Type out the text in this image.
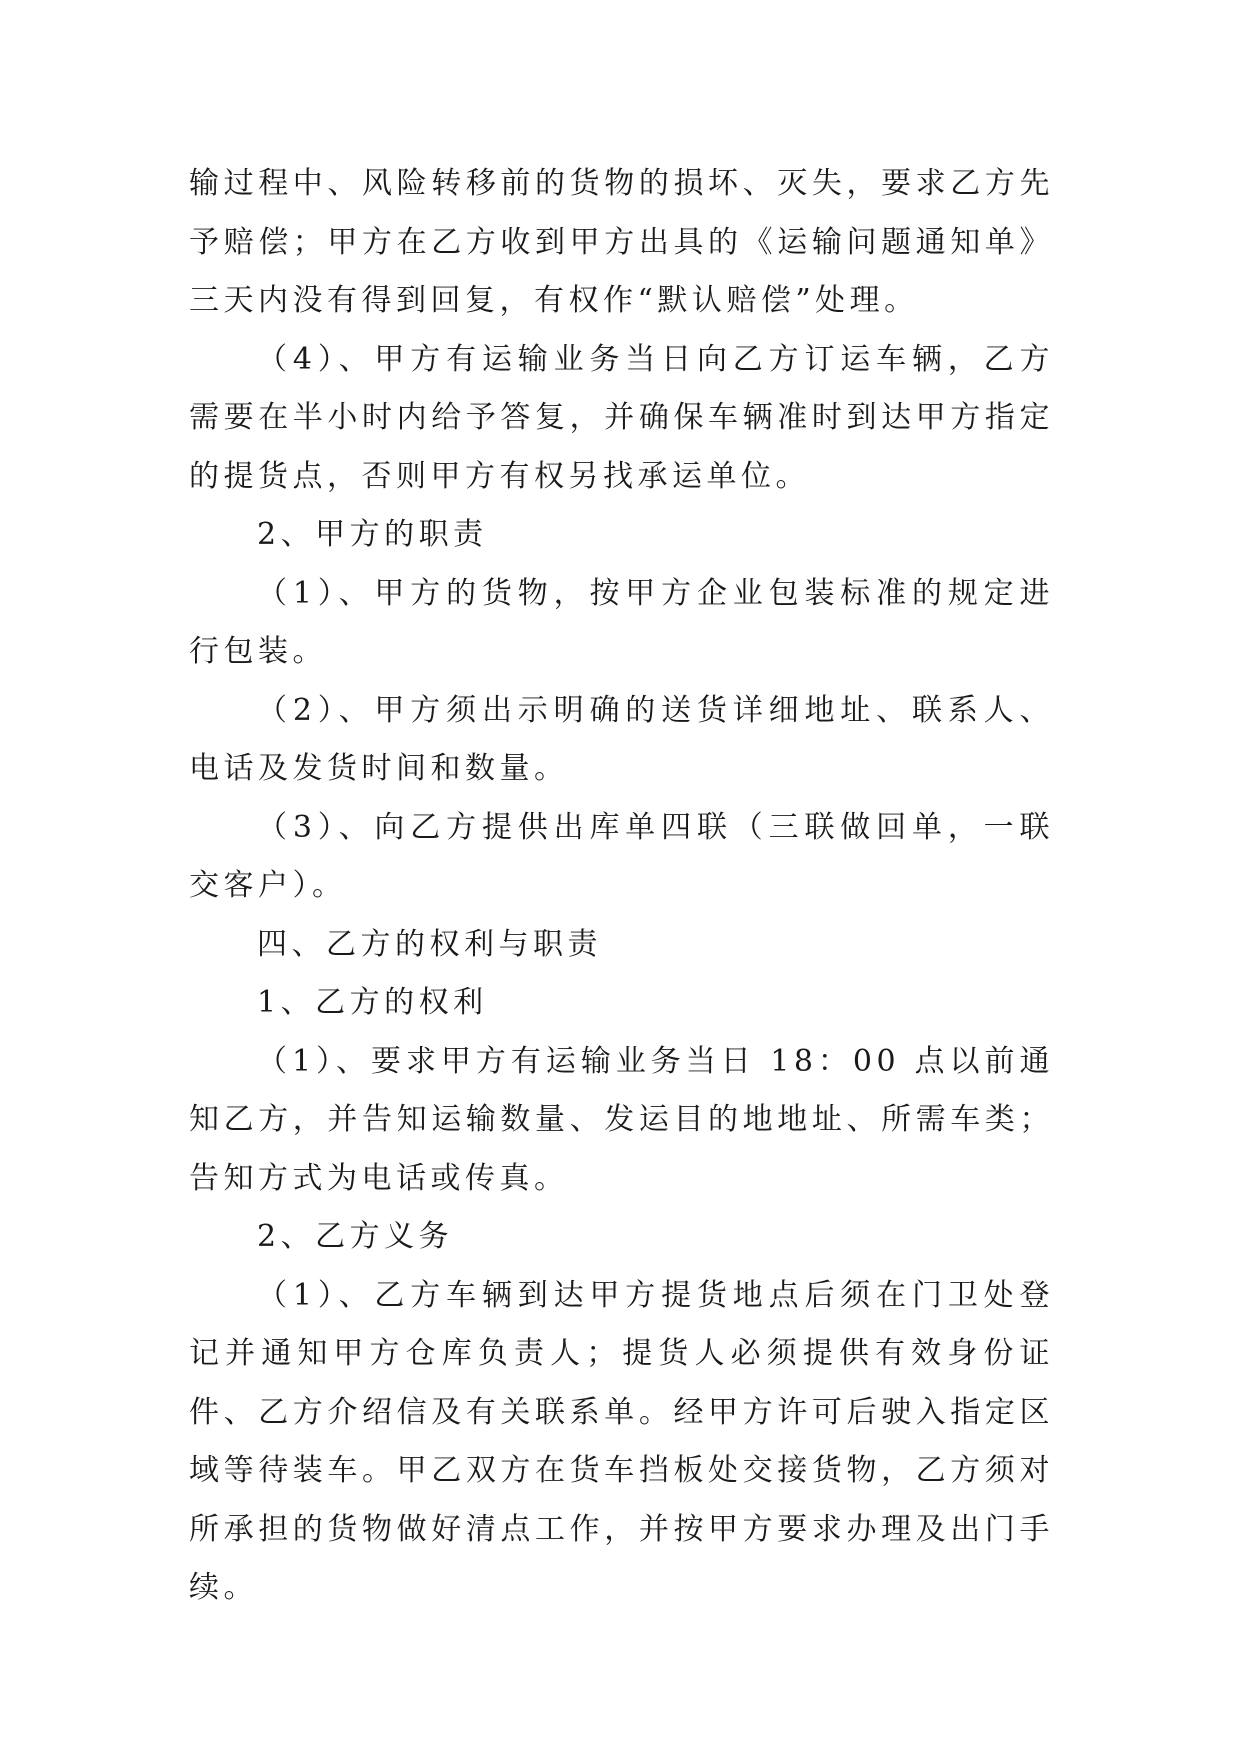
输过程中、风险转移前的货物的损坏、灭失，要求乙方先予赔偿；甲方在乙方收到甲方出具的《运输问题通知单》三天内没有得到回复，有权作“默认赔偿”处理。

（4）、甲方有运输业务当日向乙方订运车辆，乙方需要在半小时内给予答复，并确保车辆准时到达甲方指定的提货点，否则甲方有权另找承运单位。

2、甲方的职责

（1）、甲方的货物，按甲方企业包装标准的规定进行包装。

（2）、甲方须出示明确的送货详细地址、联系人、电话及发货时间和数量。

（3）、向乙方提供出库单四联（三联做回单，一联交客户）。

四、乙方的权利与职责

1、乙方的权利

（1）、要求甲方有运输业务当日 18：00 点以前通知乙方，并告知运输数量、发运目的地地址、所需车类；告知方式为电话或传真。

2、乙方义务

（1）、乙方车辆到达甲方提货地点后须在门卫处登记并通知甲方仓库负责人；提货人必须提供有效身份证件、乙方介绍信及有关联系单。经甲方许可后驶入指定区域等待装车。甲乙双方在货车挡板处交接货物，乙方须对所承担的货物做好清点工作，并按甲方要求办理及出门手续。
